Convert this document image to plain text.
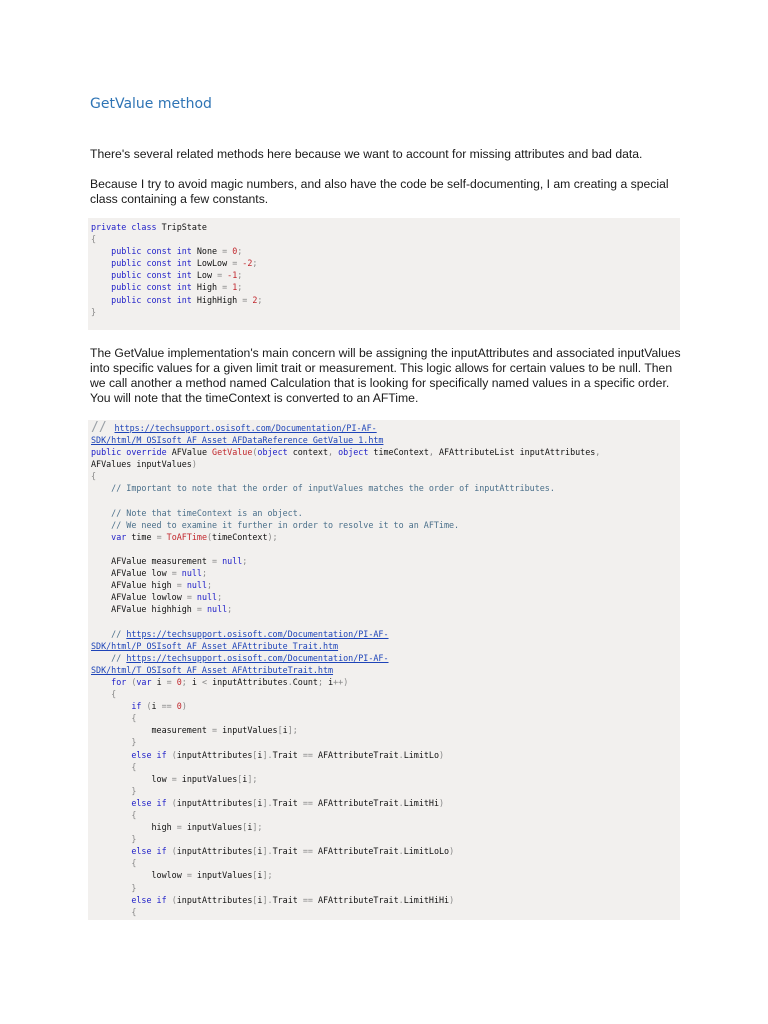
GetValue method

There's several related methods here because we want to account for missing attributes and bad data.

Because I try to avoid magic numbers, and also have the code be self-documenting, I am creating a special class containing a few constants.

private class TripState
{
public const int None = 0;
public const int LowLow = -2;
public const int Low = -1;
public const int High = 1;
public const int HighHigh = 2;
}

The GetValue implementation's main concern will be assigning the inputAttributes and associated inputValues into specific values for a given limit trait or measurement. This logic allows for certain values to be null. Then we call another a method named Calculation that is looking for specifically named values in a specific order. You will note that the timeContext is converted to an AFTime.

// https://techsupport.osisoft.com/Documentation/PI-AF-
SDK/html/M_OSIsoft_AF_Asset_AFDataReference_GetValue_1.htm
public override AFValue GetValue(object context, object timeContext, AFAttributeList inputAttributes,
AFValues inputValues)
{
// Important to note that the order of inputValues matches the order of inputAttributes.

// Note that timeContext is an object.
// We need to examine it further in order to resolve it to an AFTime.
var time = ToAFTime(timeContext);

AFValue measurement = null;
AFValue low = null;
AFValue high = null;
AFValue lowlow = null;
AFValue highhigh = null;

// https://techsupport.osisoft.com/Documentation/PI-AF-
SDK/html/P_OSIsoft_AF_Asset_AFAttribute_Trait.htm
// https://techsupport.osisoft.com/Documentation/PI-AF-
SDK/html/T_OSIsoft_AF_Asset_AFAttributeTrait.htm
for (var i = 0; i < inputAttributes.Count; i++)
{
if (i == 0)
{
measurement = inputValues[i];
}
else if (inputAttributes[i].Trait == AFAttributeTrait.LimitLo)
{
low = inputValues[i];
}
else if (inputAttributes[i].Trait == AFAttributeTrait.LimitHi)
{
high = inputValues[i];
}
else if (inputAttributes[i].Trait == AFAttributeTrait.LimitLoLo)
{
lowlow = inputValues[i];
}
else if (inputAttributes[i].Trait == AFAttributeTrait.LimitHiHi)
{
